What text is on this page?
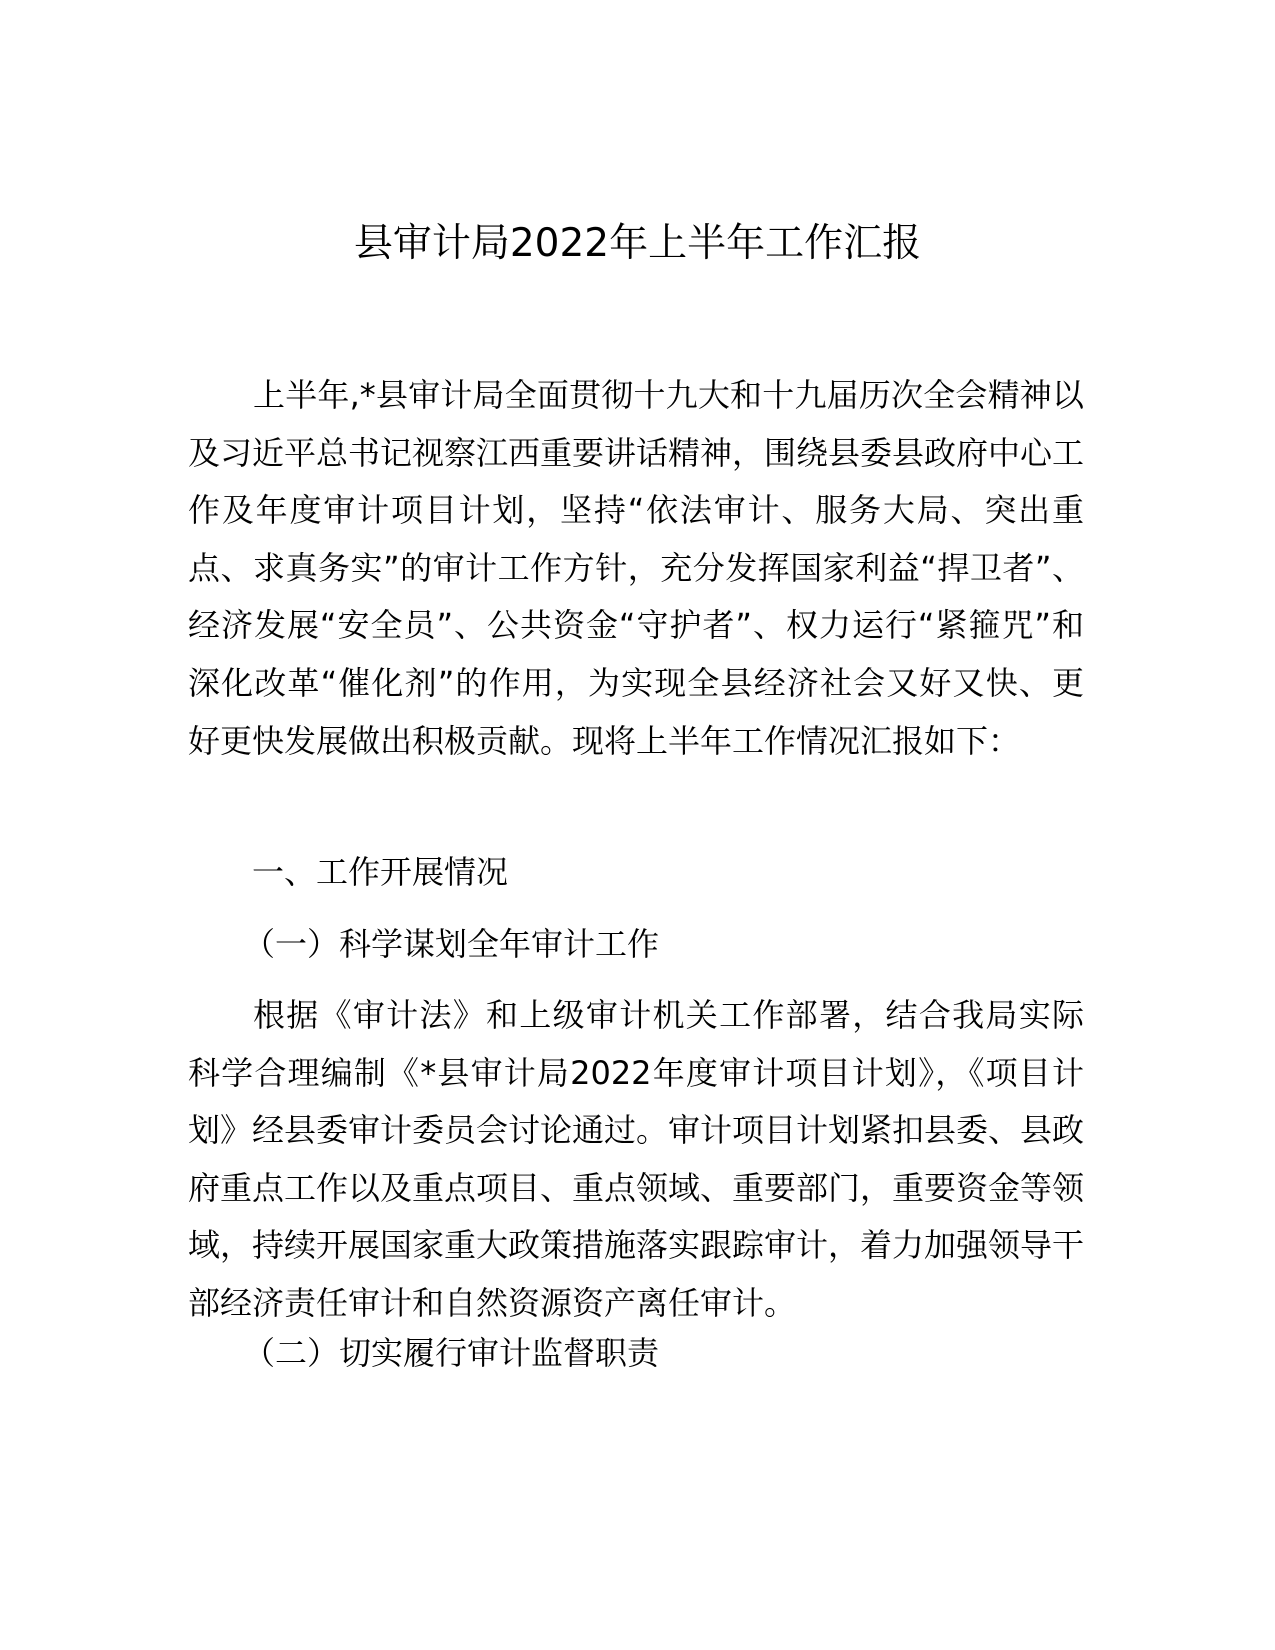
县审计局2022年上半年工作汇报

上半年,*县审计局全面贯彻十九大和十九届历次全会精神以及习近平总书记视察江西重要讲话精神，围绕县委县政府中心工作及年度审计项目计划，坚持“依法审计、服务大局、突出重点、求真务实”的审计工作方针，充分发挥国家利益“捍卫者”、经济发展“安全员”、公共资金“守护者”、权力运行“紧箍咒”和深化改革“催化剂”的作用，为实现全县经济社会又好又快、更好更快发展做出积极贡献。现将上半年工作情况汇报如下：

一、工作开展情况

（一）科学谋划全年审计工作

根据《审计法》和上级审计机关工作部署，结合我局实际科学合理编制《*县审计局2022年度审计项目计划》，《项目计划》经县委审计委员会讨论通过。审计项目计划紧扣县委、县政府重点工作以及重点项目、重点领域、重要部门，重要资金等领域，持续开展国家重大政策措施落实跟踪审计，着力加强领导干部经济责任审计和自然资源资产离任审计。

（二）切实履行审计监督职责
